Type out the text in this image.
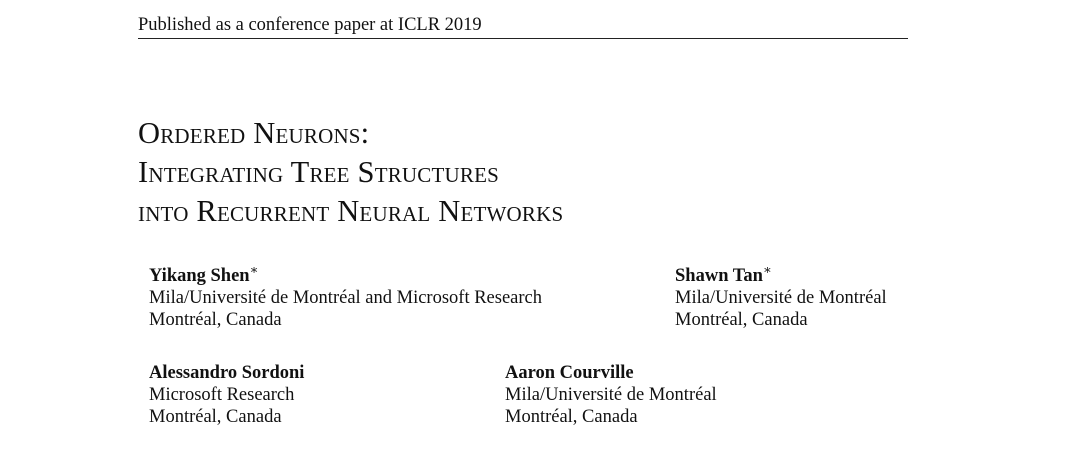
Published as a conference paper at ICLR 2019
Ordered Neurons:
Integrating Tree Structures
into Recurrent Neural Networks
Yikang Shen∗
Mila/Université de Montréal and Microsoft Research
Montréal, Canada
Shawn Tan∗
Mila/Université de Montréal
Montréal, Canada
Alessandro Sordoni
Microsoft Research
Montréal, Canada
Aaron Courville
Mila/Université de Montréal
Montréal, Canada
